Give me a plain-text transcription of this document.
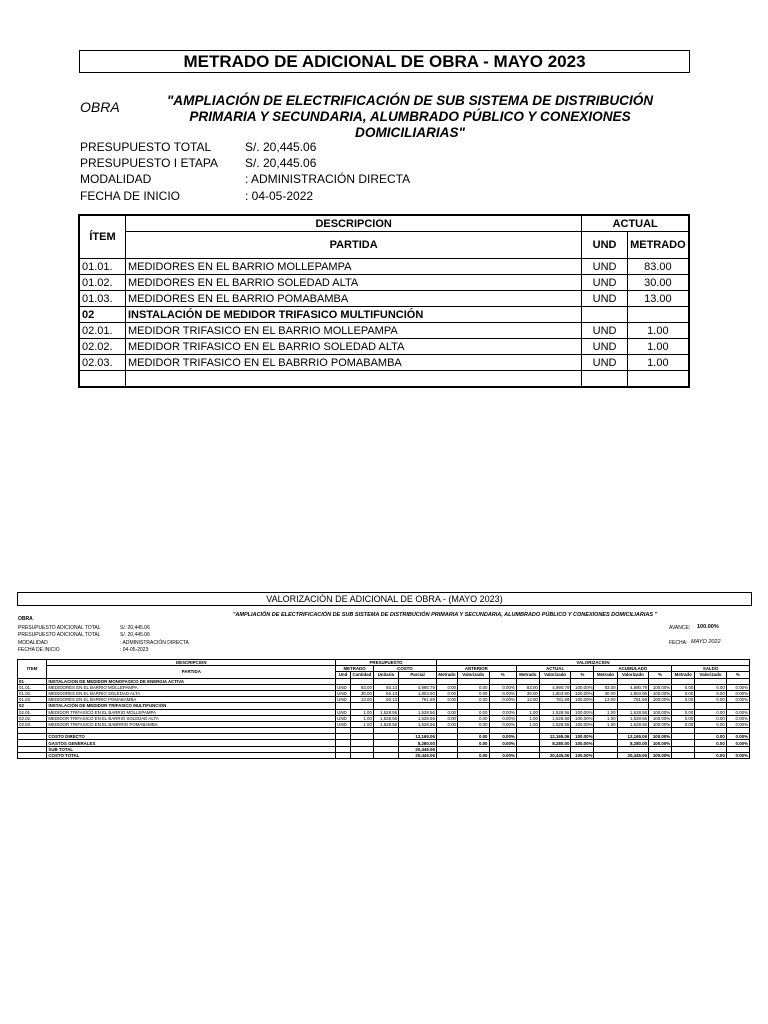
METRADO DE ADICIONAL DE OBRA - MAYO 2023
OBRA	"AMPLIACIÓN DE ELECTRIFICACIÓN DE SUB SISTEMA DE DISTRIBUCIÓN PRIMARIA Y SECUNDARIA, ALUMBRADO PÚBLICO Y CONEXIONES DOMICILIARIAS"
PRESUPUESTO TOTAL	S/. 20,445.06
PRESUPUESTO I ETAPA S/. 20,445.06
MODALIDAD	: ADMINISTRACIÓN DIRECTA
FECHA DE INICIO	: 04-05-2022
ÍTEM	DESCRIPCION	ACTUAL	
	PARTIDA	UND	METRADO
01.01.	MEDIDORES EN EL BARRIO MOLLEPAMPA	UND	83.00
01.02.	MEDIDORES EN EL BARRIO SOLEDAD ALTA	UND	30.00
01.03.	MEDIDORES EN EL BARRIO POMABAMBA	UND	13.00
02	INSTALACIÓN DE MEDIDOR TRIFASICO MULTIFUNCIÓN		
02.01.	MEDIDOR TRIFASICO EN EL BARRIO MOLLEPAMPA	UND	1.00
02.02.	MEDIDOR TRIFASICO EN EL BARRIO SOLEDAD ALTA	UND	1.00
02.03.	MEDIDOR TRIFASICO EN EL BABRRIO POMABAMBA	UND	1.00

VALORIZACIÓN DE ADICIONAL DE OBRA - (MAYO 2023)
"AMPLIACIÓN DE ELECTRIFICACIÓN DE SUB SISTEMA DE DISTRIBUCIÓN PRIMARIA Y SECUNDARIA, ALUMBRADO PÚBLICO Y CONEXIONES DOMICILIARIAS "
OBRA
PRESUPUESTO ADICIONAL TOTAL	S/. 20,445.06
PRESUPUESTO ADICIONAL TOTAL	S/. 20,445.06
MODALIDAD	: ADMINISTRACIÓN DIRECTA
FECHA DE INICIO	: 04-05-2023
AVANCE: 100.00%
FECHA: MAYO 2022
ITEM	DESCRIPCION	PRESUPUESTO				VALORIZACION											
	PARTIDA	METRADO		COSTO		ANTERIOR			ACTUAL			ACUMULADO			SALDO		
		Und	Cantidad	Unitario	Parcial	Metrado	Valorizado	%	Metrado	Valorizado	%	Metrado	Valorizado	%	Metrado	Valorizado	%
01	INSTALACION DE MEDIDOR MONOFASICO DE ENERGIA ACTIVA																
01.01.	MEDIDORES EN EL BARRIO MOLLEPAMPA	UND	83.00	60.13	4,990.79	0.00	0.00	0.00%	83.00	4,990.79	100.00%	83.00	4,990.79	100.00%	0.00	0.00	0.00%
01.02.	MEDIDORES EN EL BARRIO SOLEDAD ALTA	UND	30.00	60.13	1,803.90	0.00	0.00	0.00%	30.00	1,803.90	100.00%	30.00	1,803.90	100.00%	0.00	0.00	0.00%
01.03.	MEDIDORES EN EL BARRIO POMABAMBA	UND	13.00	60.13	781.69	0.00	0.00	0.00%	13.00	781.69	100.00%	13.00	781.69	100.00%	0.00	0.00	0.00%
02	INSTALACIÓN DE MEDIDOR TRIFASICO MULTIFUNCIÓN																
02.01.	MEDIDOR TRIFASICO EN EL BARRIO MOLLEPAMPA	UND	1.00	1,528.56	1,528.56	0.00	0.00	0.00%	1.00	1,528.56	100.00%	1.00	1,528.56	100.00%	0.00	0.00	0.00%
02.02.	MEDIDOR TRIFASICO EN EL BARRIO SOLEDAD ALTA	UND	1.00	1,528.56	1,528.56	0.00	0.00	0.00%	1.00	1,528.56	100.00%	1.00	1,528.56	100.00%	0.00	0.00	0.00%
02.03.	MEDIDOR TRIFASICO EN EL BABRRIO POMABAMBA	UND	1.00	1,528.56	1,528.56	0.00	0.00	0.00%	1.00	1,528.56	100.00%	1.00	1,528.56	100.00%	0.00	0.00	0.00%

	COSTO DIRECTO				12,165.06		0.00	0.00%		12,165.06	100.00%		12,165.06	100.00%		0.00	0.00%
	GASTOS GENERALES				8,280.00		0.00	0.00%		8,280.00	100.00%		8,280.00	100.00%		0.00	0.00%
	SUB TOTAL				20,445.06												
	COSTO TOTAL				20,445.06		0.00	0.00%		20,445.06	100.00%		20,445.06	100.00%		0.00	0.00%
